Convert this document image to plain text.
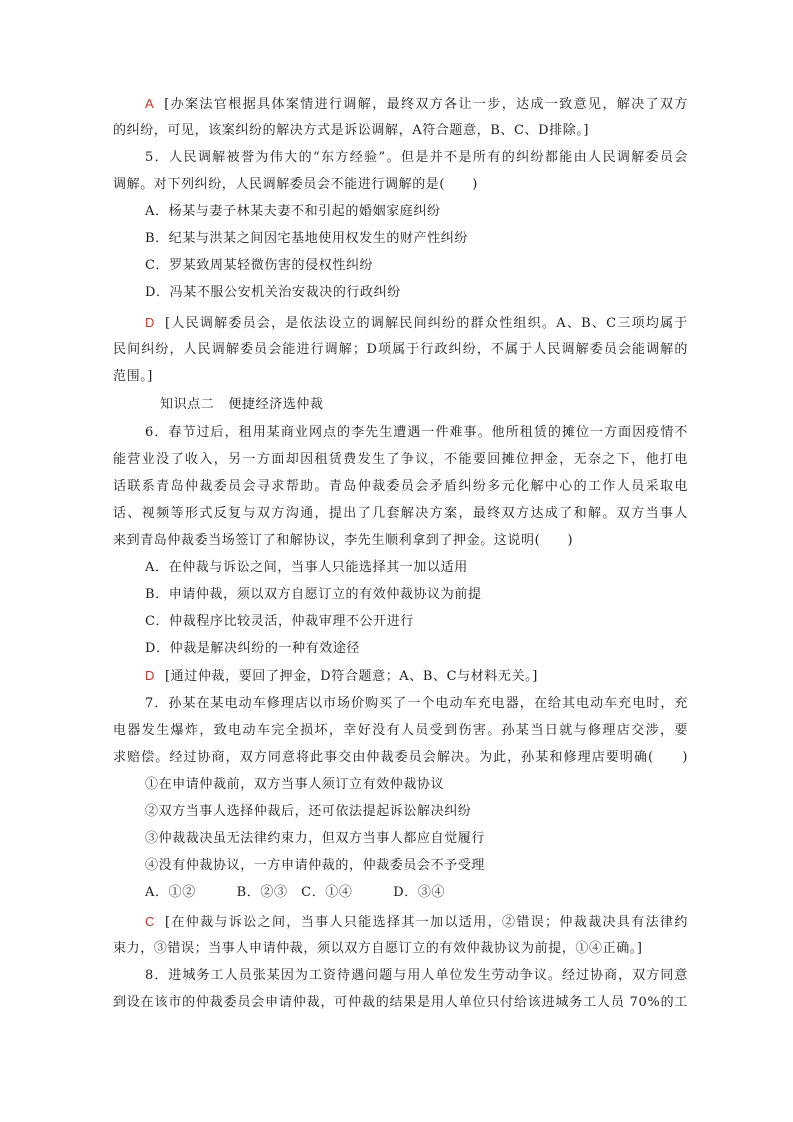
A [办案法官根据具体案情进行调解，最终双方各让一步，达成一致意见，解决了双方
的纠纷，可见，该案纠纷的解决方式是诉讼调解，A符合题意，B、C、D排除。]
5．人民调解被誉为伟大的“东方经验”。但是并不是所有的纠纷都能由人民调解委员会
调解。对下列纠纷，人民调解委员会不能进行调解的是(　　)
A．杨某与妻子林某夫妻不和引起的婚姻家庭纠纷
B．纪某与洪某之间因宅基地使用权发生的财产性纠纷
C．罗某致周某轻微伤害的侵权性纠纷
D．冯某不服公安机关治安裁决的行政纠纷
D [人民调解委员会，是依法设立的调解民间纠纷的群众性组织。A、B、C三项均属于
民间纠纷，人民调解委员会能进行调解；D项属于行政纠纷，不属于人民调解委员会能调解的
范围。]
知识点二 便捷经济选仲裁
6．春节过后，租用某商业网点的李先生遭遇一件难事。他所租赁的摊位一方面因疫情不
能营业没了收入，另一方面却因租赁费发生了争议，不能要回摊位押金，无奈之下，他打电
话联系青岛仲裁委员会寻求帮助。青岛仲裁委员会矛盾纠纷多元化解中心的工作人员采取电
话、视频等形式反复与双方沟通，提出了几套解决方案，最终双方达成了和解。双方当事人
来到青岛仲裁委当场签订了和解协议，李先生顺利拿到了押金。这说明(　　)
A．在仲裁与诉讼之间，当事人只能选择其一加以适用
B．申请仲裁，须以双方自愿订立的有效仲裁协议为前提
C．仲裁程序比较灵活，仲裁审理不公开进行
D．仲裁是解决纠纷的一种有效途径
D [通过仲裁，要回了押金，D符合题意；A、B、C与材料无关。]
7．孙某在某电动车修理店以市场价购买了一个电动车充电器，在给其电动车充电时，充
电器发生爆炸，致电动车完全损坏，幸好没有人员受到伤害。孙某当日就与修理店交涉，要
求赔偿。经过协商，双方同意将此事交由仲裁委员会解决。为此，孙某和修理店要明确(　　)
①在申请仲裁前，双方当事人须订立有效仲裁协议
②双方当事人选择仲裁后，还可依法提起诉讼解决纠纷
③仲裁裁决虽无法律约束力，但双方当事人都应自觉履行
④没有仲裁协议，一方申请仲裁的，仲裁委员会不予受理
A．①②　　　B．②③　C．①④　　　D．③④
C [在仲裁与诉讼之间，当事人只能选择其一加以适用，②错误；仲裁裁决具有法律约
束力，③错误；当事人申请仲裁，须以双方自愿订立的有效仲裁协议为前提，①④正确。]
8．进城务工人员张某因为工资待遇问题与用人单位发生劳动争议。经过协商，双方同意
到设在该市的仲裁委员会申请仲裁，可仲裁的结果是用人单位只付给该进城务工人员 70%的工
